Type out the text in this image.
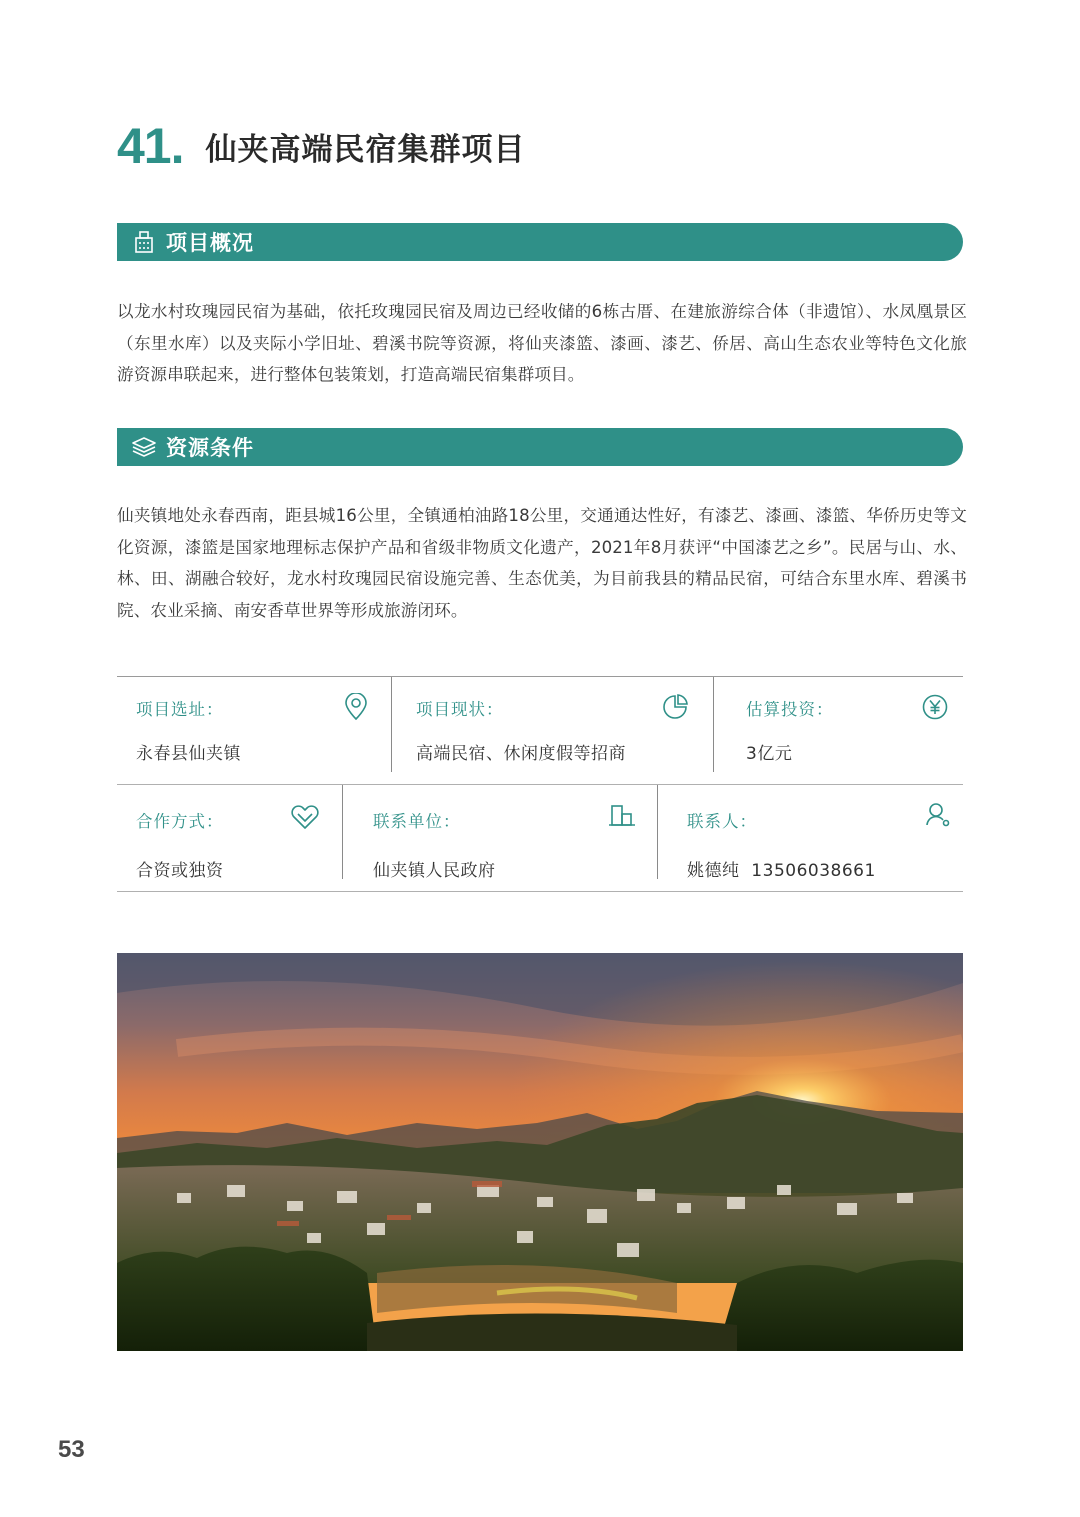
41. 仙夹高端民宿集群项目
项目概况

以龙水村玫瑰园民宿为基础，依托玫瑰园民宿及周边已经收储的6栋古厝、在建旅游综合体（非遗馆）、水凤凰景区（东里水库）以及夹际小学旧址、碧溪书院等资源，将仙夹漆篮、漆画、漆艺、侨居、高山生态农业等特色文化旅游资源串联起来，进行整体包装策划，打造高端民宿集群项目。

资源条件

仙夹镇地处永春西南，距县城16公里，全镇通柏油路18公里，交通通达性好，有漆艺、漆画、漆篮、华侨历史等文化资源，漆篮是国家地理标志保护产品和省级非物质文化遗产，2021年8月获评“中国漆艺之乡”。民居与山、水、林、田、湖融合较好，龙水村玫瑰园民宿设施完善、生态优美，为目前我县的精品民宿，可结合东里水库、碧溪书院、农业采摘、南安香草世界等形成旅游闭环。

项目选址：
永春县仙夹镇
项目现状：
高端民宿、休闲度假等招商
估算投资：
3亿元
合作方式：
合资或独资
联系单位：
仙夹镇人民政府
联系人：
姚德纯  13506038661
53
